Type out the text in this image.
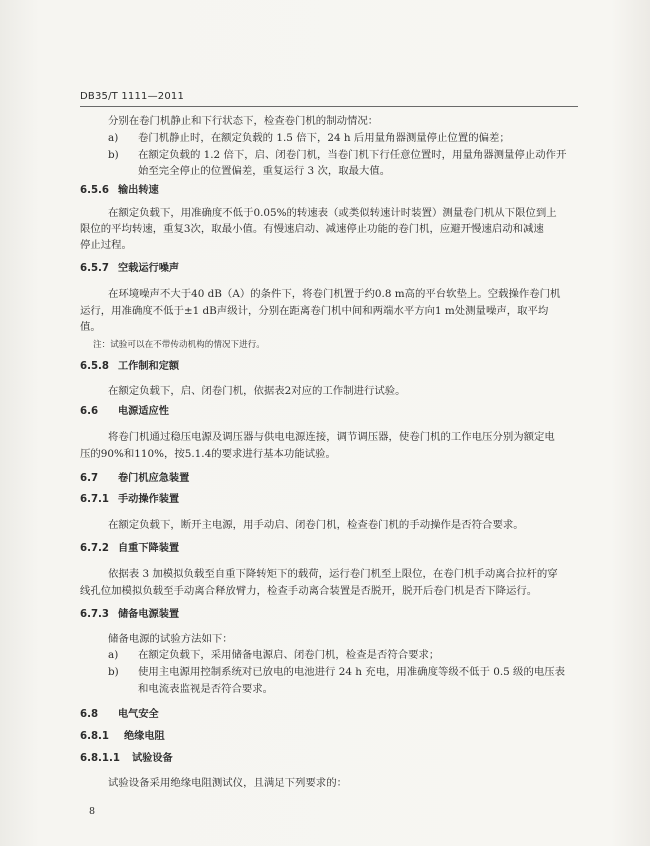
DB35/T 1111—2011
分别在卷门机静止和下行状态下，检查卷门机的制动情况：
a) 卷门机静止时，在额定负载的 1.5 倍下，24 h 后用量角器测量停止位置的偏差；
b) 在额定负载的 1.2 倍下，启、闭卷门机，当卷门机下行任意位置时，用量角器测量停止动作开
始至完全停止的位置偏差，重复运行 3 次，取最大值。
6.5.6 输出转速
在额定负载下，用准确度不低于0.05%的转速表（或类似转速计时装置）测量卷门机从下限位到上
限位的平均转速，重复3次，取最小值。有慢速启动、减速停止功能的卷门机，应避开慢速启动和减速
停止过程。
6.5.7 空载运行噪声
在环境噪声不大于40 dB（A）的条件下，将卷门机置于约0.8 m高的平台软垫上。空载操作卷门机
运行，用准确度不低于±1 dB声级计，分别在距离卷门机中间和两端水平方向1 m处测量噪声，取平均
值。
注：试验可以在不带传动机构的情况下进行。
6.5.8 工作制和定额
在额定负载下，启、闭卷门机，依据表2对应的工作制进行试验。
6.6 电源适应性
将卷门机通过稳压电源及调压器与供电电源连接，调节调压器，使卷门机的工作电压分别为额定电
压的90%和110%，按5.1.4的要求进行基本功能试验。
6.7 卷门机应急装置
6.7.1 手动操作装置
在额定负载下，断开主电源，用手动启、闭卷门机，检查卷门机的手动操作是否符合要求。
6.7.2 自重下降装置
依据表 3 加模拟负载至自重下降转矩下的载荷，运行卷门机至上限位，在卷门机手动离合拉杆的穿
线孔位加模拟负载至手动离合释放臂力，检查手动离合装置是否脱开，脱开后卷门机是否下降运行。
6.7.3 储备电源装置
储备电源的试验方法如下：
a) 在额定负载下，采用储备电源启、闭卷门机，检查是否符合要求；
b) 使用主电源用控制系统对已放电的电池进行 24 h 充电，用准确度等级不低于 0.5 级的电压表
和电流表监视是否符合要求。
6.8 电气安全
6.8.1 绝缘电阻
6.8.1.1 试验设备
试验设备采用绝缘电阻测试仪，且满足下列要求的：
8
